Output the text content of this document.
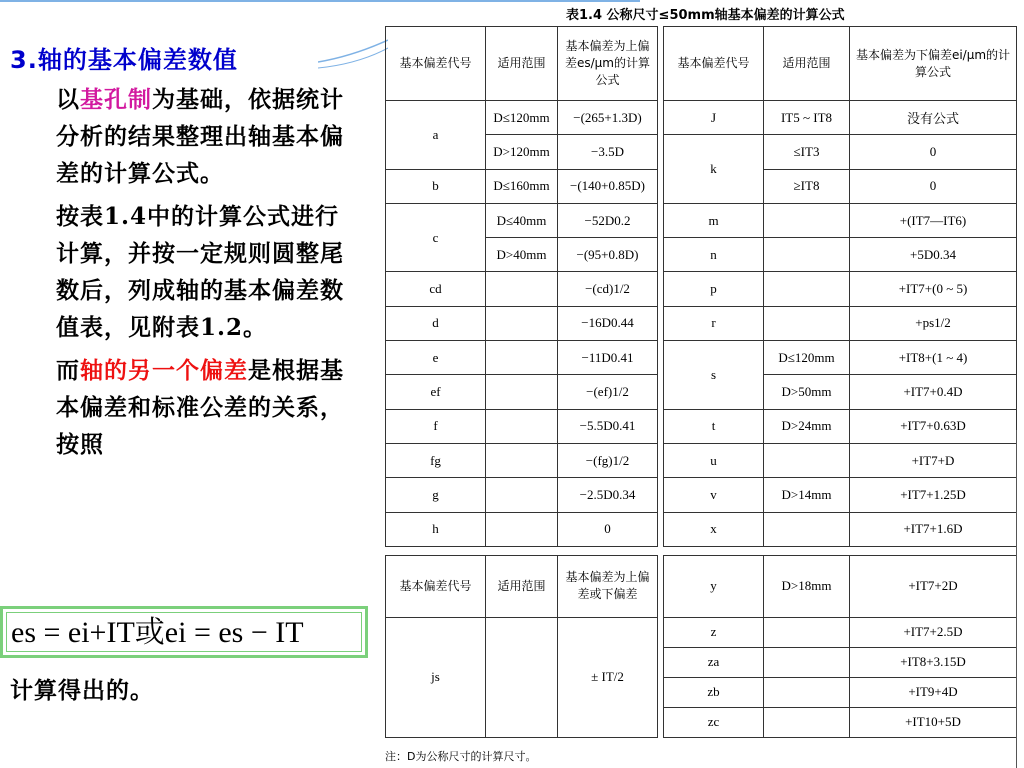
3.轴的基本偏差数值
以基孔制为基础，依据统计分析的结果整理出轴基本偏差的计算公式。
按表1.4中的计算公式进行计算，并按一定规则圆整尾数后，列成轴的基本偏差数值表，见附表1.2。
而轴的另一个偏差是根据基本偏差和标准公差的关系，按照
es = ei+IT或ei = es − IT
计算得出的。
表1.4 公称尺寸≤50mm轴基本偏差的计算公式
基本偏差代号	适用范围	基本偏差为上偏差es/μm的计算公式		基本偏差代号	适用范围	基本偏差为下偏差ei/μm的计算公式
a	D≤120mm	−(265+1.3D)		J	IT5 ~ IT8	没有公式
	D>120mm	−3.5D		k	≤IT3	0
b	D≤160mm	−(140+0.85D)			≥IT8	0
c	D≤40mm	−52D0.2		m		+(IT7—IT6)
	D>40mm	−(95+0.8D)		n		+5D0.34
cd		−(cd)1/2		p		+IT7+(0 ~ 5)
d		−16D0.44		r		+ps1/2
e		−11D0.41		s	D≤120mm	+IT8+(1 ~ 4)
ef		−(ef)1/2			D>50mm	+IT7+0.4D
f		−5.5D0.41		t	D>24mm	+IT7+0.63D
fg		−(fg)1/2		u		+IT7+D
g		−2.5D0.34		v	D>14mm	+IT7+1.25D
h		0		x		+IT7+1.6D

基本偏差代号	适用范围	基本偏差为上偏差或下偏差		y	D>18mm	+IT7+2D
js		± IT/2		z		+IT7+2.5D
				za		+IT8+3.15D
				zb		+IT9+4D
				zc		+IT10+5D
注：D为公称尺寸的计算尺寸。
